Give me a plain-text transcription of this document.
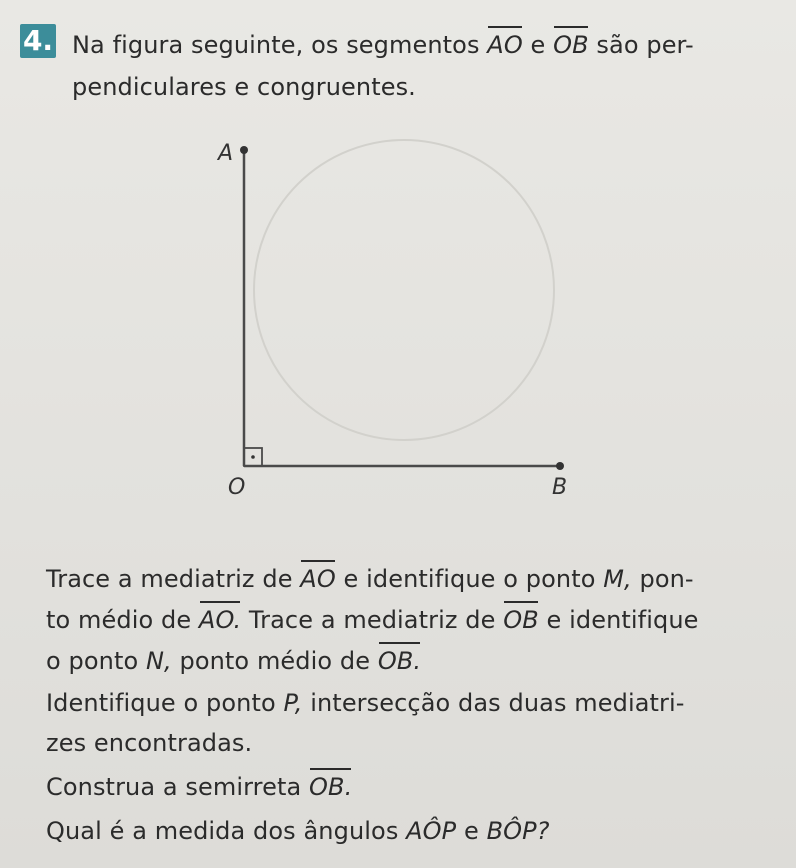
4. Na figura seguinte, os segmentos AO e OB são per-
pendiculares e congruentes.
A
O	B
Trace a mediatriz de AO e identifique o ponto M, pon-
to médio de AO. Trace a mediatriz de OB e identifique
o ponto N, ponto médio de OB.
Identifique o ponto P, intersecção das duas mediatri-
zes encontradas.
Construa a semirreta OB.
Qual é a medida dos ângulos AÔP e BÔP?
